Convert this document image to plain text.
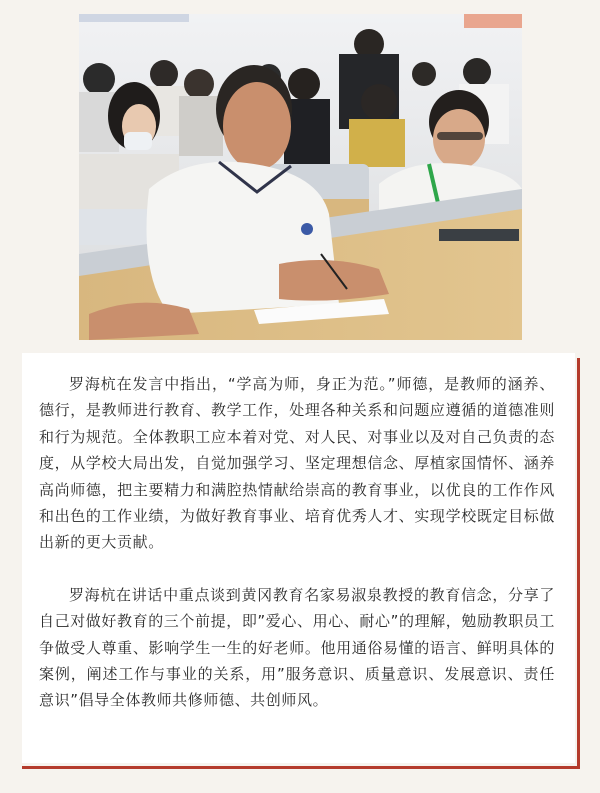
罗海杭在发言中指出，“学高为师，身正为范。”师德，是教师的涵养、德行，是教师进行教育、教学工作，处理各种关系和问题应遵循的道德准则和行为规范。全体教职工应本着对党、对人民、对事业以及对自己负责的态度，从学校大局出发，自觉加强学习、坚定理想信念、厚植家国情怀、涵养高尚师德，把主要精力和满腔热情献给崇高的教育事业，以优良的工作作风和出色的工作业绩，为做好教育事业、培育优秀人才、实现学校既定目标做出新的更大贡献。

罗海杭在讲话中重点谈到黄冈教育名家易淑泉教授的教育信念，分享了自己对做好教育的三个前提，即”爱心、用心、耐心”的理解，勉励教职员工争做受人尊重、影响学生一生的好老师。他用通俗易懂的语言、鲜明具体的案例，阐述工作与事业的关系，用”服务意识、质量意识、发展意识、责任意识”倡导全体教师共修师德、共创师风。
